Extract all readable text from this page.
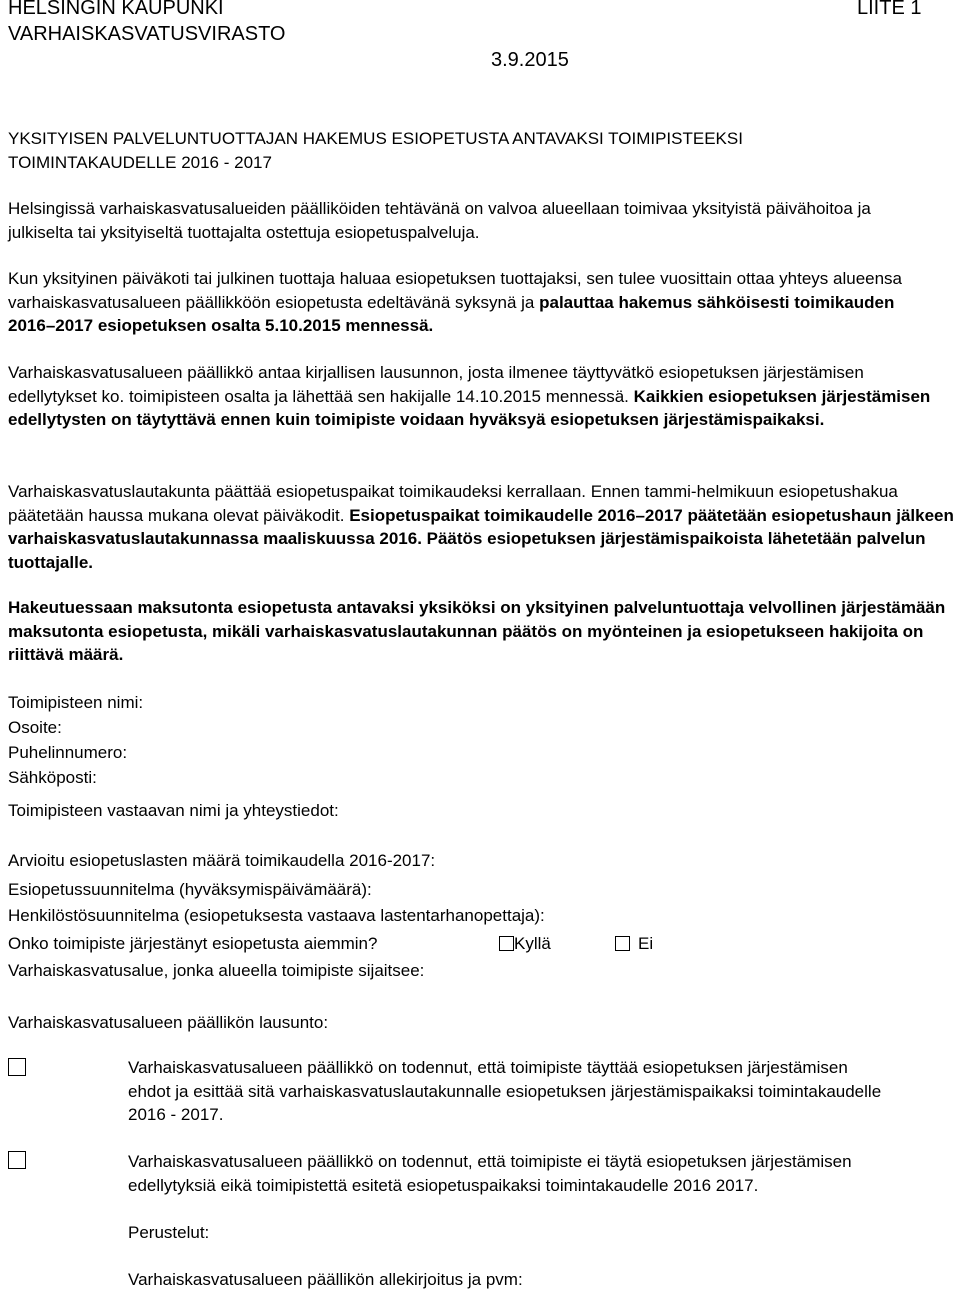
HELSINGIN KAUPUNKI
VARHAISKASVATUSVIRASTO
LIITE 1
3.9.2015
YKSITYISEN PALVELUNTUOTTAJAN HAKEMUS ESIOPETUSTA ANTAVAKSI TOIMIPISTEEKSI
TOIMINTAKAUDELLE 2016 - 2017
Helsingissä varhaiskasvatusalueiden päälliköiden tehtävänä on valvoa alueellaan toimivaa yksityistä päivähoitoa ja julkiselta tai yksityiseltä tuottajalta ostettuja esiopetuspalveluja.
Kun yksityinen päiväkoti tai julkinen tuottaja haluaa esiopetuksen tuottajaksi, sen tulee vuosittain ottaa yhteys alueensa varhaiskasvatusalueen päällikköön esiopetusta edeltävänä syksynä ja palauttaa hakemus sähköisesti toimikauden 2016–2017 esiopetuksen osalta 5.10.2015 mennessä.
Varhaiskasvatusalueen päällikkö antaa kirjallisen lausunnon, josta ilmenee täyttyvätkö esiopetuksen järjestämisen edellytykset ko. toimipisteen osalta ja lähettää sen hakijalle 14.10.2015 mennessä. Kaikkien esiopetuksen järjestämisen edellytysten on täytyttävä ennen kuin toimipiste voidaan hyväksyä esiopetuksen järjestämispaikaksi.
Varhaiskasvatuslautakunta päättää esiopetuspaikat toimikaudeksi kerrallaan. Ennen tammi-helmikuun esiopetushakua päätetään haussa mukana olevat päiväkodit. Esiopetuspaikat toimikaudelle 2016–2017 päätetään esiopetushaun jälkeen varhaiskasvatuslautakunnassa maaliskuussa 2016. Päätös esiopetuksen järjestämispaikoista lähetetään palvelun tuottajalle.
Hakeutuessaan maksutonta esiopetusta antavaksi yksiköksi on yksityinen palveluntuottaja velvollinen järjestämään maksutonta esiopetusta, mikäli varhaiskasvatuslautakunnan päätös on myönteinen ja esiopetukseen hakijoita on riittävä määrä.
Toimipisteen nimi:
Osoite:
Puhelinnumero:
Sähköposti:
Toimipisteen vastaavan nimi ja yhteystiedot:
Arvioitu esiopetuslasten määrä toimikaudella 2016-2017:
Esiopetussuunnitelma (hyväksymispäivämäärä):
Henkilöstösuunnitelma (esiopetuksesta vastaava lastentarhanopettaja):
Onko toimipiste järjestänyt esiopetusta aiemmin?	Kyllä	Ei
Varhaiskasvatusalue, jonka alueella toimipiste sijaitsee:
Varhaiskasvatusalueen päällikön lausunto:
Varhaiskasvatusalueen päällikkö on todennut, että toimipiste täyttää esiopetuksen järjestämisen ehdot ja esittää sitä varhaiskasvatuslautakunnalle esiopetuksen järjestämispaikaksi toimintakaudelle 2016 - 2017.
Varhaiskasvatusalueen päällikkö on todennut, että toimipiste ei täytä esiopetuksen järjestämisen edellytyksiä eikä toimipistettä esitetä esiopetuspaikaksi toimintakaudelle 2016 2017.
Perustelut:
Varhaiskasvatusalueen päällikön allekirjoitus ja pvm:
